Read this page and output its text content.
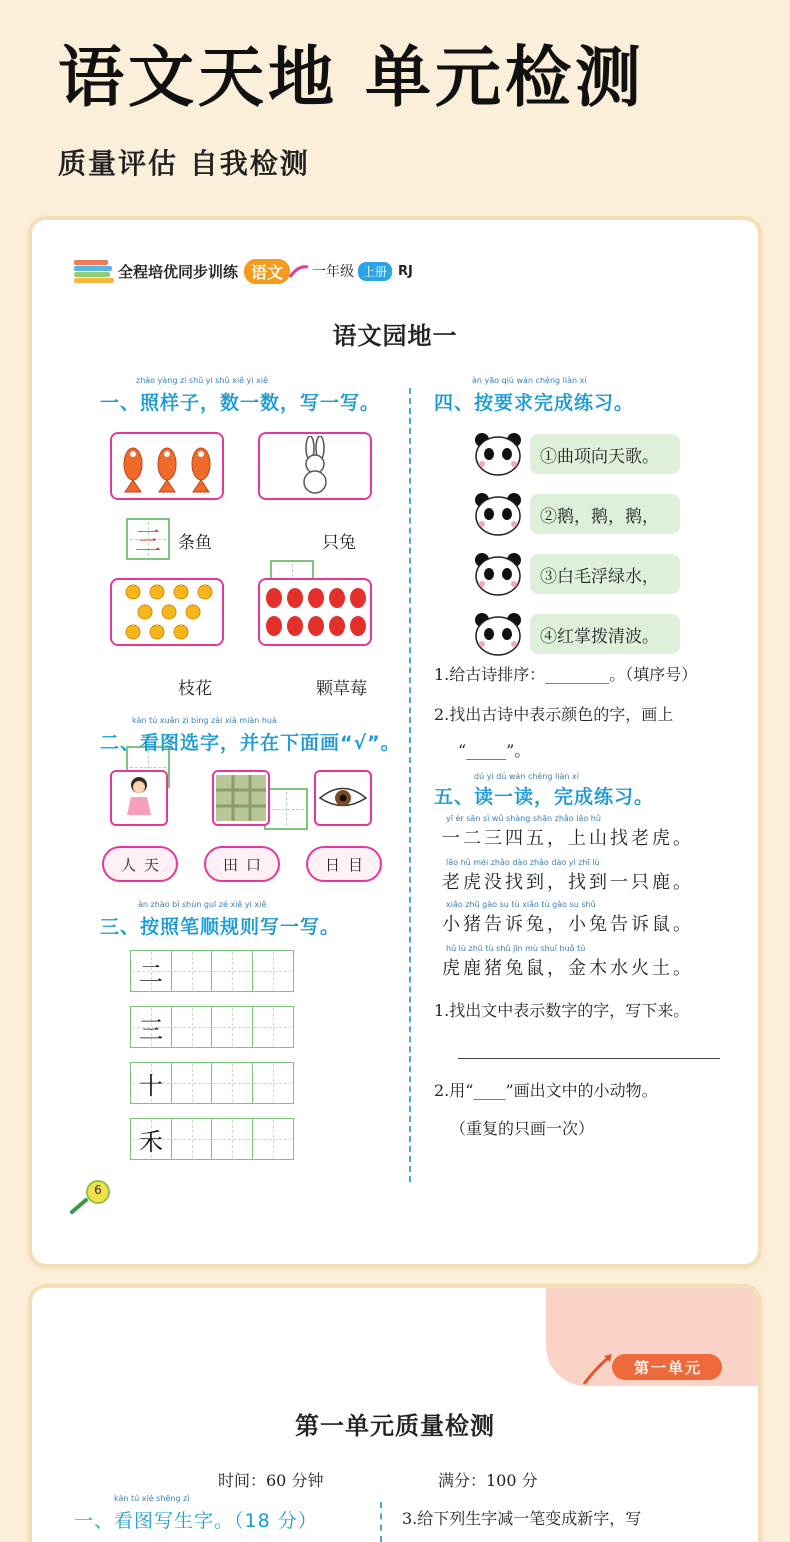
语文天地 单元检测
质量评估 自我检测
全程培优同步训练 语文	一年级 上册 RJ
语文园地一
zhào yàng zi shǔ yi shǔ xiě yi xiě
一、照样子，数一数，写一写。
三 条鱼	只兔
枝花	颗草莓
kàn tú xuǎn zì bìng zài xià miàn huà
二、看图选字，并在下面画“√”。
人 天	田 口	日 目
àn zhào bǐ shùn guī zé xiě yi xiě
三、按照笔顺规则写一写。
二
三
十
禾
àn yāo qiú wán chéng liàn xí
四、按要求完成练习。
①曲项向天歌。
②鹅，鹅，鹅，
③白毛浮绿水，
④红掌拨清波。
1.给古诗排序：________。（填序号）
2.找出古诗中表示颜色的字，画上
“_____”。
dú yi dú wán chéng liàn xí
五、读一读，完成练习。
yī èr sān sì wǔ shàng shān zhǎo lǎo hǔ
一二三四五，上山找老虎。
lǎo hǔ méi zhǎo dào zhǎo dào yì zhī lù
老虎没找到，找到一只鹿。
xiǎo zhū gào su tù xiǎo tù gào su shǔ
小猪告诉兔，小兔告诉鼠。
hǔ lù zhū tù shǔ jīn mù shuǐ huǒ tǔ
虎鹿猪兔鼠，金木水火土。
1.找出文中表示数字的字，写下来。
2.用“____”画出文中的小动物。
（重复的只画一次）
6
第一单元
第一单元质量检测
时间：60 分钟	满分：100 分
kàn tú xiě shēng zì
一、看图写生字。（18 分）	3.给下列生字减一笔变成新字，写
